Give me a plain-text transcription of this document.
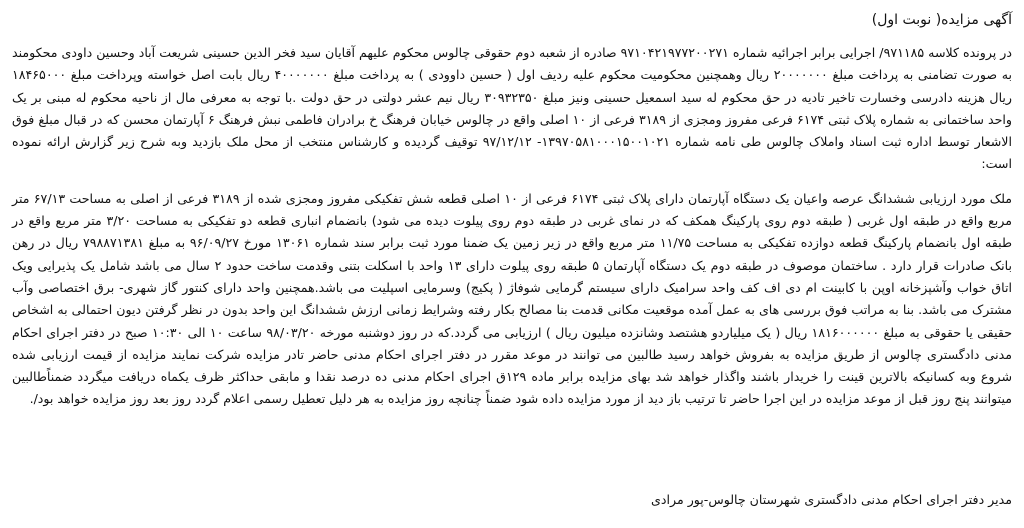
آگهی مزایده( نوبت اول)

در پرونده کلاسه ۹۷۱۱۸۵/ اجرایی برابر اجرائیه شماره ۹۷۱۰۴۲۱۹۷۷۲۰۰۲۷۱ صادره از شعبه دوم حقوقی چالوس محکوم علیهم آقایان سید فخر الدین حسینی شریعت آباد وحسین داودی محکومند به صورت تضامنی به پرداخت مبلغ ۲۰۰۰۰۰۰۰ ریال وهمچنین محکومیت محکوم علیه ردیف اول ( حسین داوودی ) به پرداخت مبلغ ۴۰۰۰۰۰۰۰ ریال بابت اصل خواسته وپرداخت مبلغ ۱۸۴۶۵۰۰۰ ریال هزینه دادرسی وخسارت تاخیر تادیه در حق محکوم له سید اسمعیل حسینی ونیز مبلغ ۳۰۹۳۲۳۵۰ ریال نیم عشر دولتی در حق دولت .با توجه به معرفی مال از ناحیه محکوم له مبنی بر یک واحد ساختمانی به شماره پلاک ثبتی ۶۱۷۴ فرعی مفروز ومجزی از ۳۱۸۹ فرعی از ۱۰ اصلی واقع در چالوس خیابان فرهنگ خ برادران فاطمی نبش فرهنگ ۶ آپارتمان محسن که در قبال مبلغ فوق الاشعار توسط اداره ثبت اسناد واملاک چالوس طی نامه شماره ۱۳۹۷۰۵۸۱۰۰۰۱۵۰۰۱۰۲۱- ۹۷/۱۲/۱۲ توقیف گردیده و کارشناس منتخب از محل ملک بازدید وبه شرح زیر گزارش ارائه نموده است:

ملک مورد ارزیابی ششدانگ عرصه واعیان یک دستگاه آپارتمان دارای پلاک ثبتی ۶۱۷۴ فرعی از ۱۰ اصلی قطعه شش تفکیکی مفروز ومجزی شده از ۳۱۸۹ فرعی از اصلی به مساحت ۶۷/۱۳ متر مربع واقع در طبقه اول غربی ( طبقه دوم روی پارکینگ همکف که در نمای غربی در طبقه دوم روی پیلوت دیده می شود) بانضمام انباری قطعه دو تفکیکی به مساحت ۳/۲۰ متر مربع واقع در طبقه اول بانضمام پارکینگ قطعه دوازده تفکیکی به مساحت ۱۱/۷۵ متر مربع واقع در زیر زمین یک ضمنا مورد ثبت برابر سند شماره ۱۳۰۶۱ مورخ ۹۶/۰۹/۲۷ به مبلغ ۷۹۸۸۷۱۳۸۱ ریال در رهن بانک صادرات قرار دارد . ساختمان موصوف در طبقه دوم یک دستگاه آپارتمان ۵ طبقه روی پیلوت دارای ۱۳ واحد با اسکلت بتنی وقدمت ساخت حدود ۲ سال می باشد شامل یک پذیرایی ویک اتاق خواب وآشپزخانه اوپن با کابینت ام دی اف کف واحد سرامیک دارای سیستم گرمایی شوفاژ ( پکیج) وسرمایی اسپلیت می باشد.همچنین واحد دارای کنتور گاز شهری- برق اختصاصی وآب مشترک می باشد. بنا به مراتب فوق بررسی های به عمل آمده موقعیت مکانی قدمت بنا مصالح بکار رفته وشرایط زمانی ارزش ششدانگ این واحد بدون در نظر گرفتن دیون احتمالی به اشخاص حقیقی یا حقوقی به مبلغ ۱۸۱۶۰۰۰۰۰۰ ریال ( یک میلیاردو هشتصد وشانزده میلیون ریال ) ارزیابی می گردد.که در روز دوشنبه مورخه ۹۸/۰۳/۲۰ ساعت ۱۰ الی ۱۰:۳۰ صبح در دفتر اجرای احکام مدنی دادگستری چالوس از طریق مزایده به بفروش خواهد رسید طالبین می توانند در موعد مقرر در دفتر اجرای احکام مدنی حاضر تادر مزایده شرکت نمایند مزایده از قیمت ارزیابی شده شروع وبه کسانیکه بالاترین قینت را خریدار باشند واگذار خواهد شد بهای مزایده برابر ماده ۱۲۹ق اجرای احکام مدنی ده درصد نقدا و مابقی حداکثر ظرف یکماه دریافت میگردد ضمناًطالبین میتوانند پنج روز قبل از موعد مزایده در این اجرا حاضر تا ترتیب باز دید از مورد مزایده داده شود ضمناً چنانچه روز مزایده به هر دلیل تعطیل رسمی اعلام گردد روز بعد روز مزایده خواهد بود/.

مدیر دفتر اجرای احکام مدنی دادگستری شهرستان چالوس-پور مرادی
